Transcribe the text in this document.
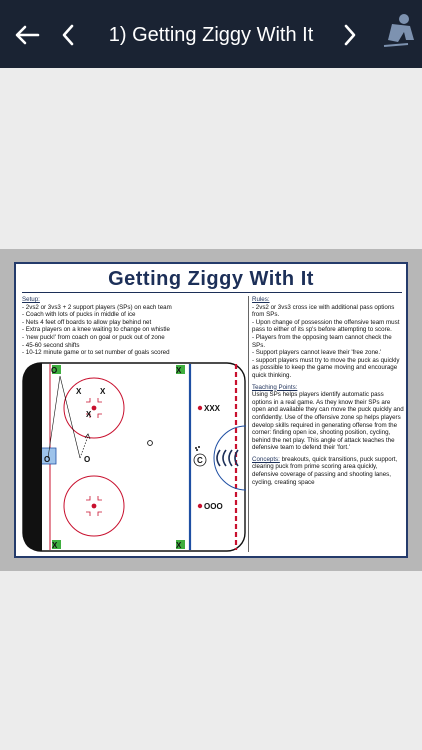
1) Getting Ziggy With It
Getting Ziggy With It
Setup:
- 2vs2 or 3vs3 + 2 support players (SPs) on each team
- Coach with lots of pucks in middle of ice
- Nets 4 feet off boards to allow play behind net
- Extra players on a knee waiting to change on whistle
- 'new puck!' from coach on goal or puck out of zone
- 45-60 second shifts
- 10-12 minute game or to set number of goals scored
Rules:
- 2vs2 or 3vs3 cross ice with additional pass options from SPs.
- Upon change of possession the offensive team must pass to either of its sp's before attempting to score.
- Players from the opposing team cannot check the SPs.
- Support players cannot leave their 'free zone.'
- support players must try to move the puck as quickly as possible to keep the game moving and encourage quick thinking.
Teaching Points:
Using SPs helps players identify automatic pass options in a real game. As they know their SPs are open and available they can move the puck quickly and confidently. Use of the offensive zone sp helps players develop skills required in generating offense from the corner: finding open ice, shooting position, cycling, behind the net play. This angle of attack teaches the defensive team to defend their 'fort.'
Concepts: breakouts, quick transitions, puck support, clearing puck from prime scoring area quickly, defensive coverage of passing and shooting lanes, cycling, creating space
O	X
X	X
X X
X
O	O
XXX
OOO
C
